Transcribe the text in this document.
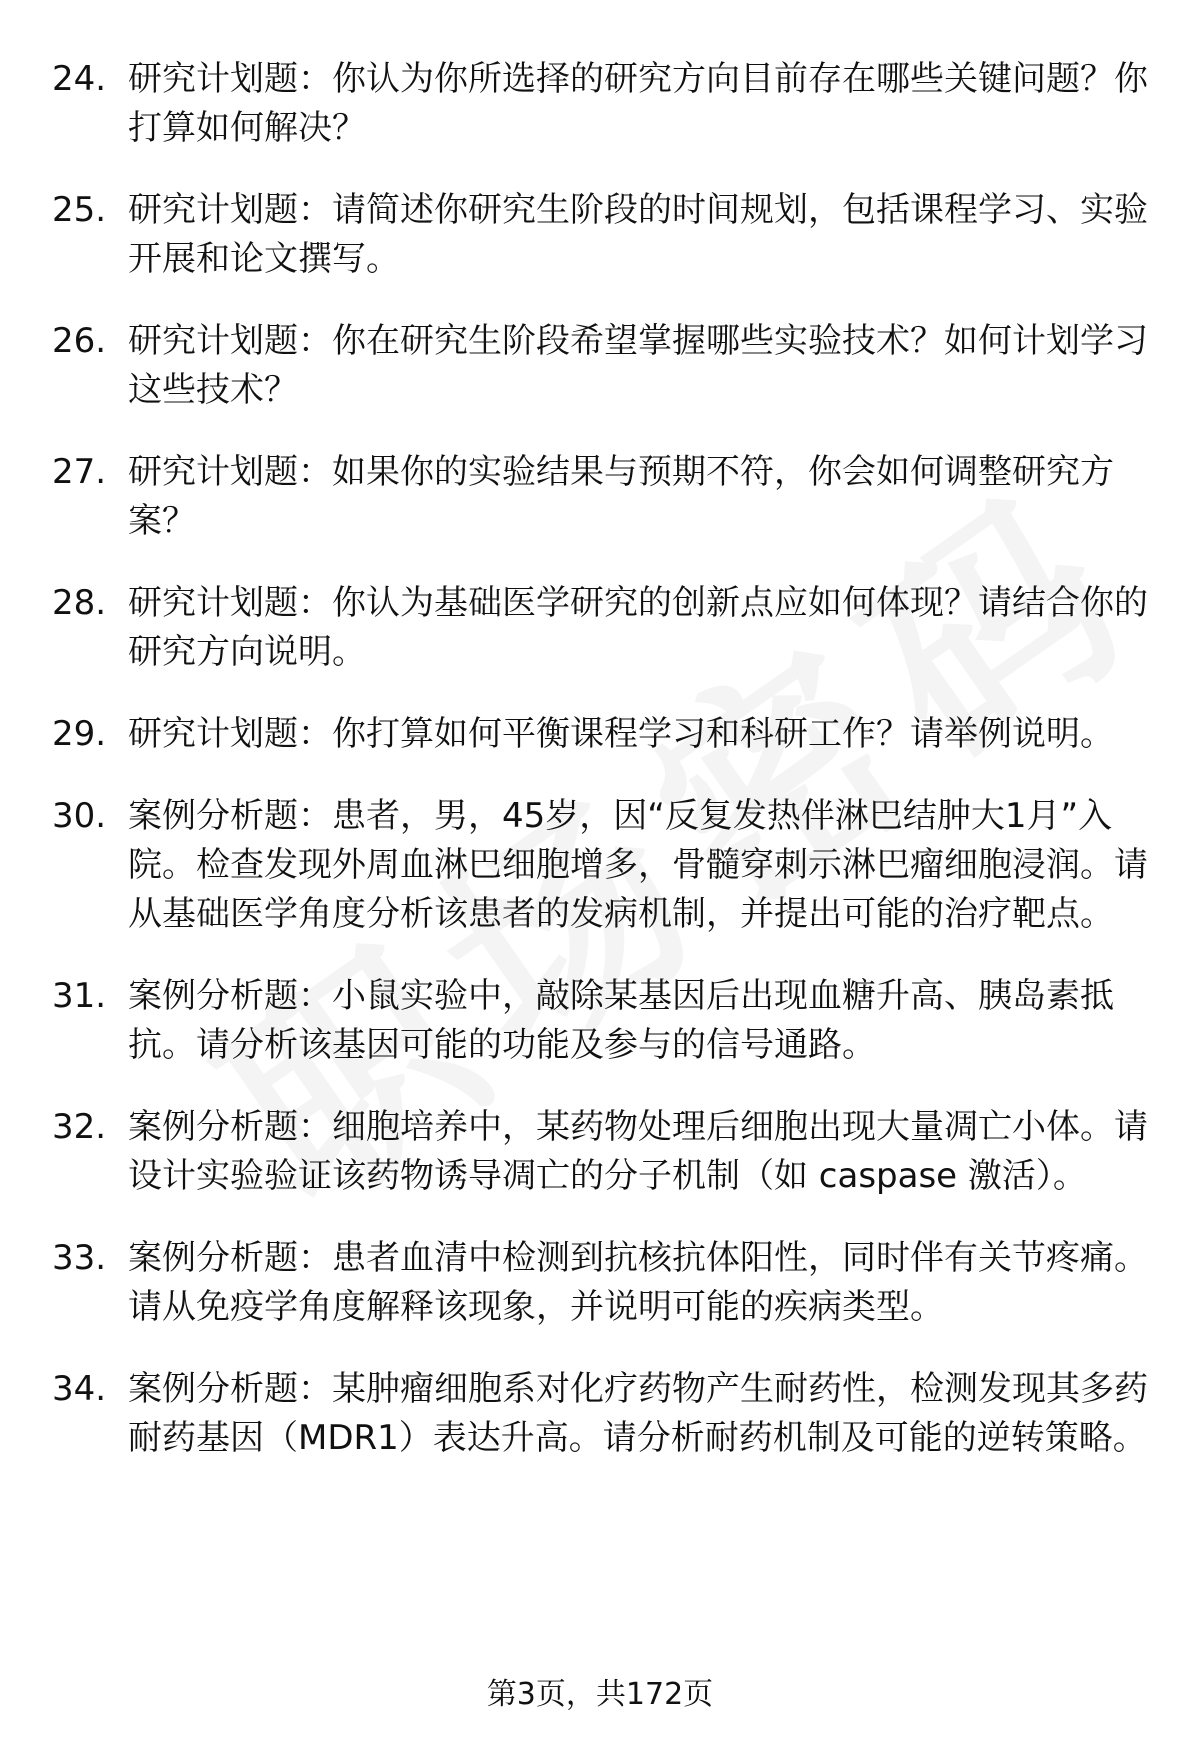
24. 研究计划题：你认为你所选择的研究方向目前存在哪些关键问题？你打算如何解决？
25. 研究计划题：请简述你研究生阶段的时间规划，包括课程学习、实验开展和论文撰写。
26. 研究计划题：你在研究生阶段希望掌握哪些实验技术？如何计划学习这些技术？
27. 研究计划题：如果你的实验结果与预期不符，你会如何调整研究方案？
28. 研究计划题：你认为基础医学研究的创新点应如何体现？请结合你的研究方向说明。
29. 研究计划题：你打算如何平衡课程学习和科研工作？请举例说明。
30. 案例分析题：患者，男，45岁，因“反复发热伴淋巴结肿大1月”入院。检查发现外周血淋巴细胞增多，骨髓穿刺示淋巴瘤细胞浸润。请从基础医学角度分析该患者的发病机制，并提出可能的治疗靶点。
31. 案例分析题：小鼠实验中，敲除某基因后出现血糖升高、胰岛素抵抗。请分析该基因可能的功能及参与的信号通路。
32. 案例分析题：细胞培养中，某药物处理后细胞出现大量凋亡小体。请设计实验验证该药物诱导凋亡的分子机制（如 caspase 激活）。
33. 案例分析题：患者血清中检测到抗核抗体阳性，同时伴有关节疼痛。请从免疫学角度解释该现象，并说明可能的疾病类型。
34. 案例分析题：某肿瘤细胞系对化疗药物产生耐药性，检测发现其多药耐药基因（MDR1）表达升高。请分析耐药机制及可能的逆转策略。
第3页，共172页
